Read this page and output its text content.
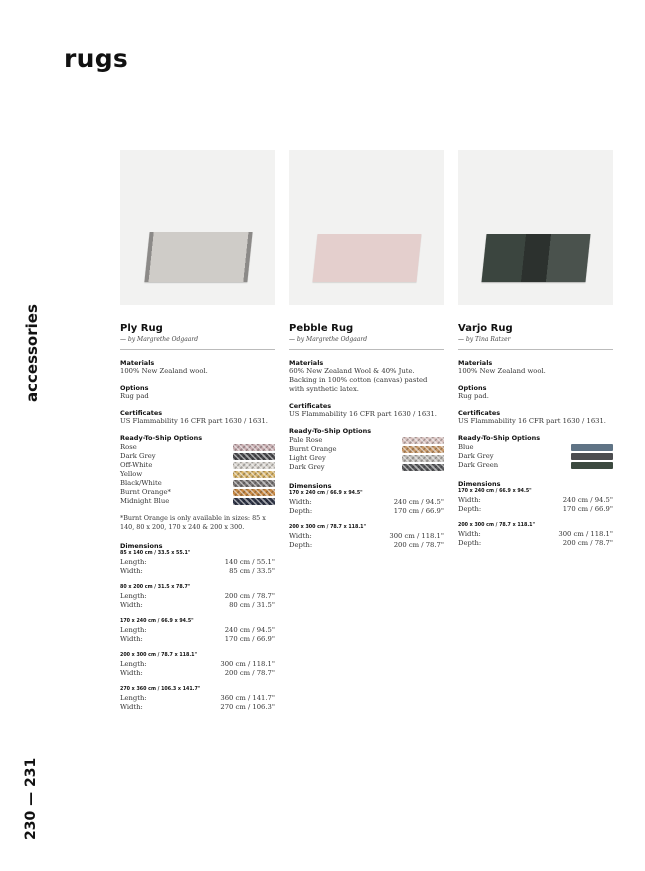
rugs
accessories
230 — 231
Ply Rug
— by Margrethe Odgaard
Materials
100% New Zealand wool.
Options
Rug pad
Certificates
US Flammability 16 CFR part 1630 / 1631.
Ready-To-Ship Options
Rose
Dark Grey
Off-White
Yellow
Black/White
Burnt Orange*
Midnight Blue
*Burnt Orange is only available in sizes: 85 x 140, 80 x 200, 170 x 240 & 200 x 300.
Dimensions
85 x 140 cm / 33.5 x 55.1"
Length:	140 cm / 55.1"
Width:	85 cm / 33.5"
80 x 200 cm / 31.5 x 78.7"
Length:	200 cm / 78.7"
Width:	80 cm / 31.5"
170 x 240 cm / 66.9 x 94.5"
Length:	240 cm / 94.5"
Width:	170 cm / 66.9"
200 x 300 cm / 78.7 x 118.1"
Length:	300 cm / 118.1"
Width:	200 cm / 78.7"
270 x 360 cm / 106.3 x 141.7"
Length:	360 cm / 141.7"
Width:	270 cm / 106.3"
Pebble Rug
— by Margrethe Odgaard
Materials
60% New Zealand Wool & 40% Jute. Backing in 100% cotton (canvas) pasted with synthetic latex.
Certificates
US Flammability 16 CFR part 1630 / 1631.
Ready-To-Ship Options
Pale Rose
Burnt Orange
Light Grey
Dark Grey
Dimensions
170 x 240 cm / 66.9 x 94.5"
Width:	240 cm / 94.5"
Depth:	170 cm / 66.9"
200 x 300 cm / 78.7 x 118.1"
Width:	300 cm / 118.1"
Depth:	200 cm / 78.7"
Varjo Rug
— by Tina Ratzer
Materials
100% New Zealand wool.
Options
Rug pad.
Certificates
US Flammability 16 CFR part 1630 / 1631.
Ready-To-Ship Options
Blue
Dark Grey
Dark Green
Dimensions
170 x 240 cm / 66.9 x 94.5"
Width:	240 cm / 94.5"
Depth:	170 cm / 66.9"
200 x 300 cm / 78.7 x 118.1"
Width:	300 cm / 118.1"
Depth:	200 cm / 78.7"
